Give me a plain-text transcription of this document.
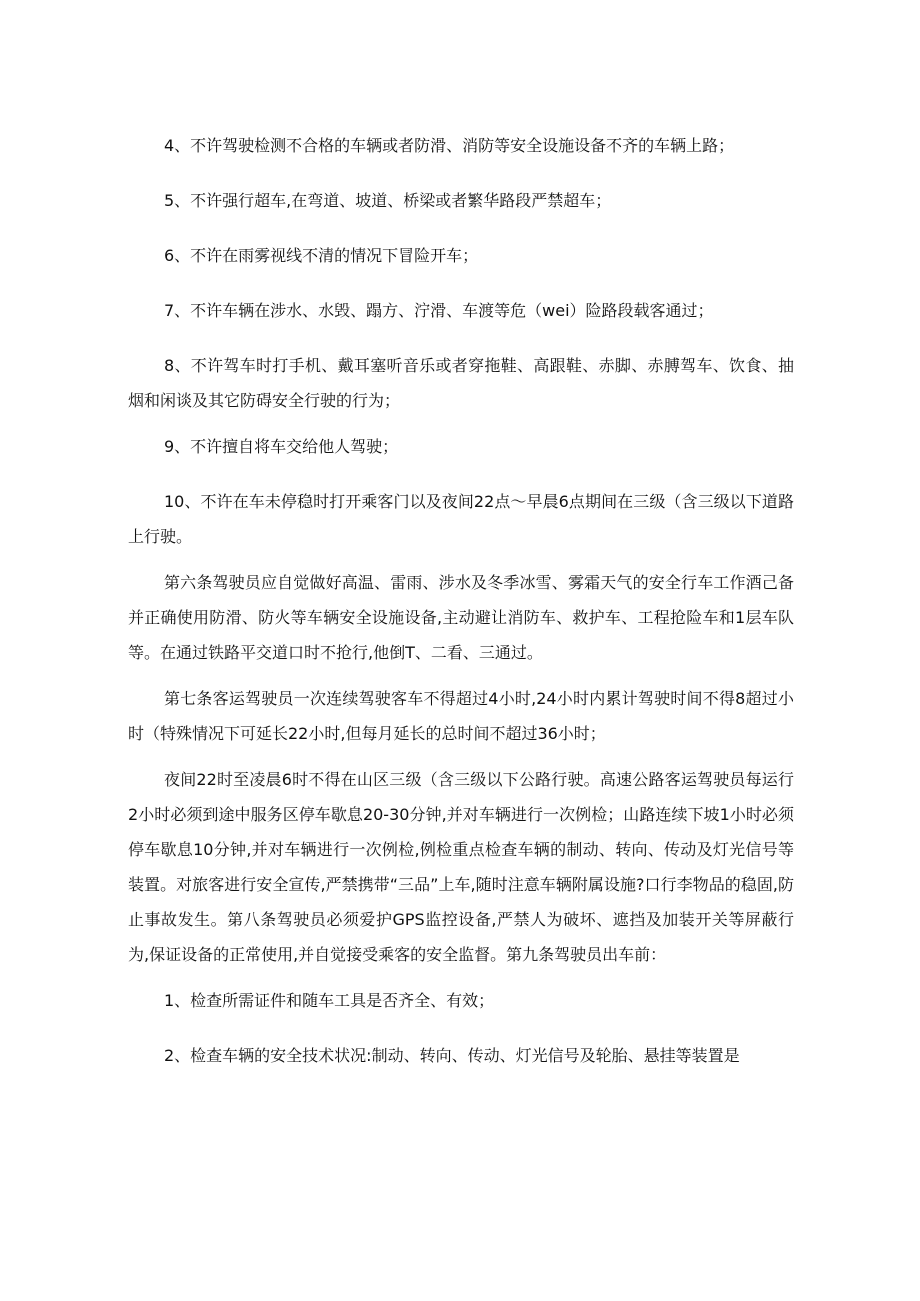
4、不许驾驶检测不合格的车辆或者防滑、消防等安全设施设备不齐的车辆上路；

5、不许强行超车,在弯道、坡道、桥梁或者繁华路段严禁超车；

6、不许在雨雾视线不清的情况下冒险开车；

7、不许车辆在涉水、水毁、蹋方、泞滑、车渡等危（wei）险路段载客通过；

8、不许驾车时打手机、戴耳塞听音乐或者穿拖鞋、高跟鞋、赤脚、赤膊驾车、饮食、抽烟和闲谈及其它防碍安全行驶的行为；

9、不许擅自将车交给他人驾驶；

10、不许在车未停稳时打开乘客门以及夜间22点～早晨6点期间在三级（含三级以下道路上行驶。

第六条驾驶员应自觉做好高温、雷雨、涉水及冬季冰雪、雾霜天气的安全行车工作酒己备并正确使用防滑、防火等车辆安全设施设备,主动避让消防车、救护车、工程抢险车和1层车队等。在通过铁路平交道口时不抢行,他倒T、二看、三通过。

第七条客运驾驶员一次连续驾驶客车不得超过4小时,24小时内累计驾驶时间不得8超过小时（特殊情况下可延长22小时,但每月延长的总时间不超过36小时；

夜间22时至凌晨6时不得在山区三级（含三级以下公路行驶。高速公路客运驾驶员每运行2小时必须到途中服务区停车歇息20-30分钟,并对车辆进行一次例检；山路连续下坡1小时必须停车歇息10分钟,并对车辆进行一次例检,例检重点检查车辆的制动、转向、传动及灯光信号等装置。对旅客进行安全宣传,严禁携带“三品”上车,随时注意车辆附属设施?口行李物品的稳固,防止事故发生。第八条驾驶员必须爱护GPS监控设备,严禁人为破坏、遮挡及加装开关等屏蔽行为,保证设备的正常使用,并自觉接受乘客的安全监督。第九条驾驶员出车前：

1、检查所需证件和随车工具是否齐全、有效；

2、检查车辆的安全技术状况:制动、转向、传动、灯光信号及轮胎、悬挂等装置是
